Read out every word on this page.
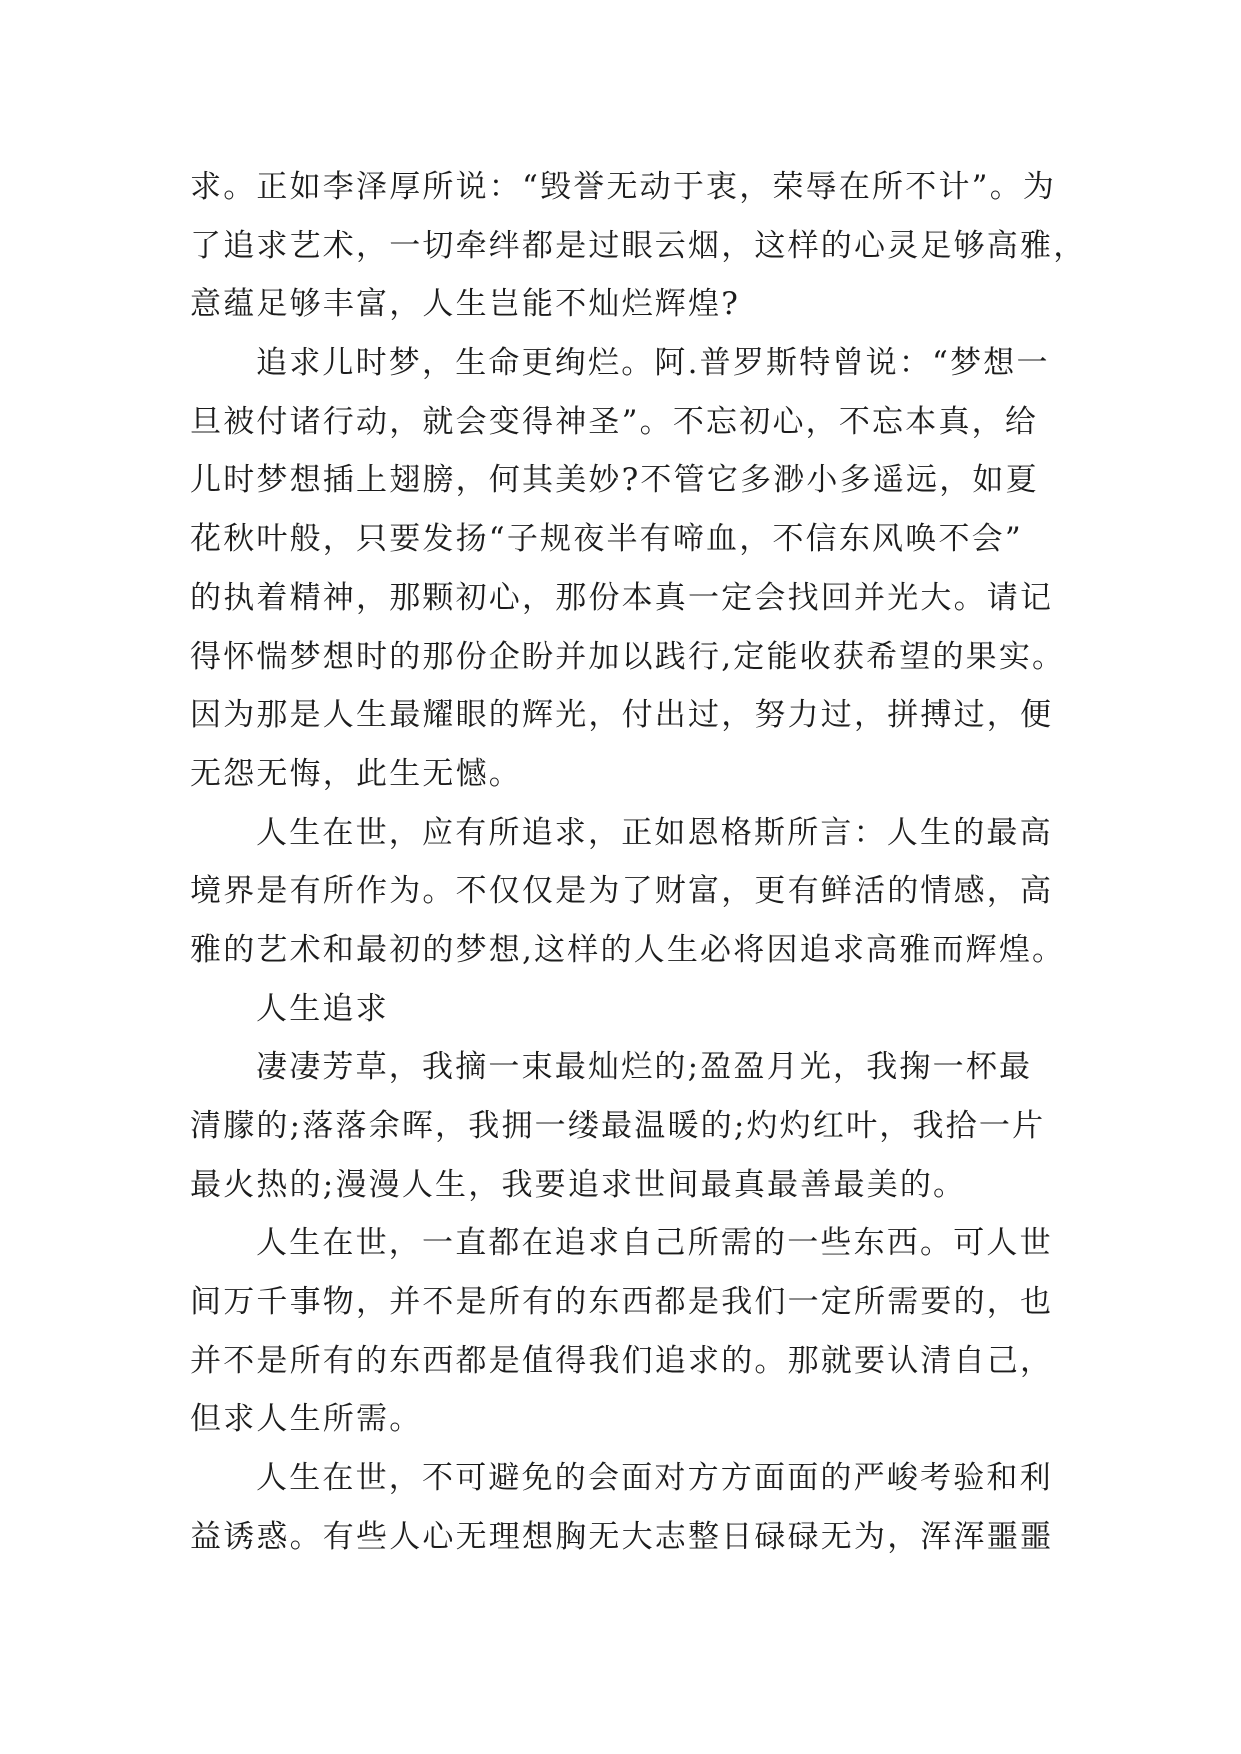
求。正如李泽厚所说：“毁誉无动于衷，荣辱在所不计”。为
了追求艺术，一切牵绊都是过眼云烟，这样的心灵足够高雅，
意蕴足够丰富，人生岂能不灿烂辉煌?
追求儿时梦，生命更绚烂。阿.普罗斯特曾说：“梦想一
旦被付诸行动，就会变得神圣”。不忘初心，不忘本真，给
儿时梦想插上翅膀，何其美妙?不管它多渺小多遥远，如夏
花秋叶般，只要发扬“子规夜半有啼血，不信东风唤不会”
的执着精神，那颗初心，那份本真一定会找回并光大。请记
得怀惴梦想时的那份企盼并加以践行,定能收获希望的果实。
因为那是人生最耀眼的辉光，付出过，努力过，拼搏过，便
无怨无悔，此生无憾。
人生在世，应有所追求，正如恩格斯所言：人生的最高
境界是有所作为。不仅仅是为了财富，更有鲜活的情感，高
雅的艺术和最初的梦想,这样的人生必将因追求高雅而辉煌。
人生追求
凄凄芳草，我摘一束最灿烂的;盈盈月光，我掬一杯最
清朦的;落落余晖，我拥一缕最温暖的;灼灼红叶，我拾一片
最火热的;漫漫人生，我要追求世间最真最善最美的。
人生在世，一直都在追求自己所需的一些东西。可人世
间万千事物，并不是所有的东西都是我们一定所需要的，也
并不是所有的东西都是值得我们追求的。那就要认清自己，
但求人生所需。
人生在世，不可避免的会面对方方面面的严峻考验和利
益诱惑。有些人心无理想胸无大志整日碌碌无为，浑浑噩噩
